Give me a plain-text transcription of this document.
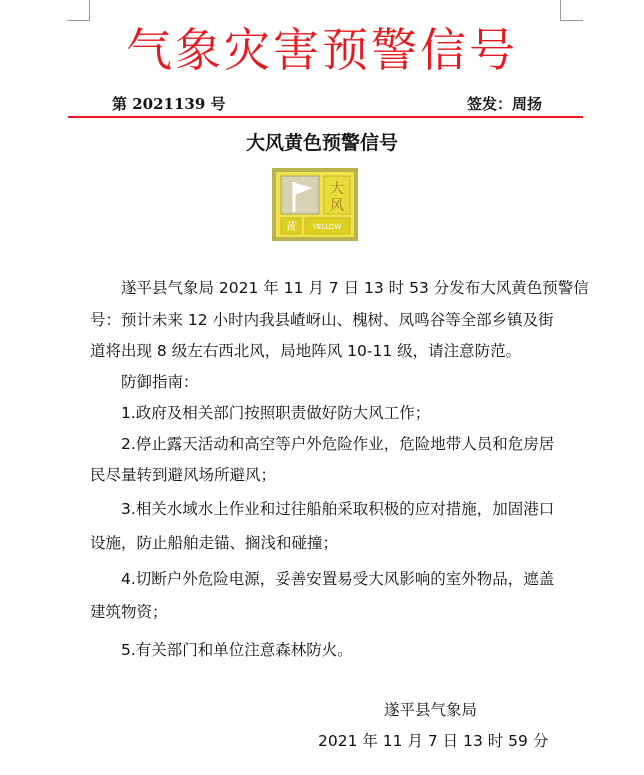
气象灾害预警信号
第 2021139 号	签发：周扬
大风黄色预警信号
大
风
黄 YELLOW
遂平县气象局 2021 年 11 月 7 日 13 时 53 分发布大风黄色预警信
号：预计未来 12 小时内我县嵖岈山、槐树、凤鸣谷等全部乡镇及街
道将出现 8 级左右西北风，局地阵风 10-11 级，请注意防范。
防御指南：
1.政府及相关部门按照职责做好防大风工作；
2.停止露天活动和高空等户外危险作业，危险地带人员和危房居
民尽量转到避风场所避风；
3.相关水域水上作业和过往船舶采取积极的应对措施，加固港口
设施，防止船舶走锚、搁浅和碰撞；
4.切断户外危险电源，妥善安置易受大风影响的室外物品，遮盖
建筑物资；
5.有关部门和单位注意森林防火。
遂平县气象局
2021 年 11 月 7 日 13 时 59 分
